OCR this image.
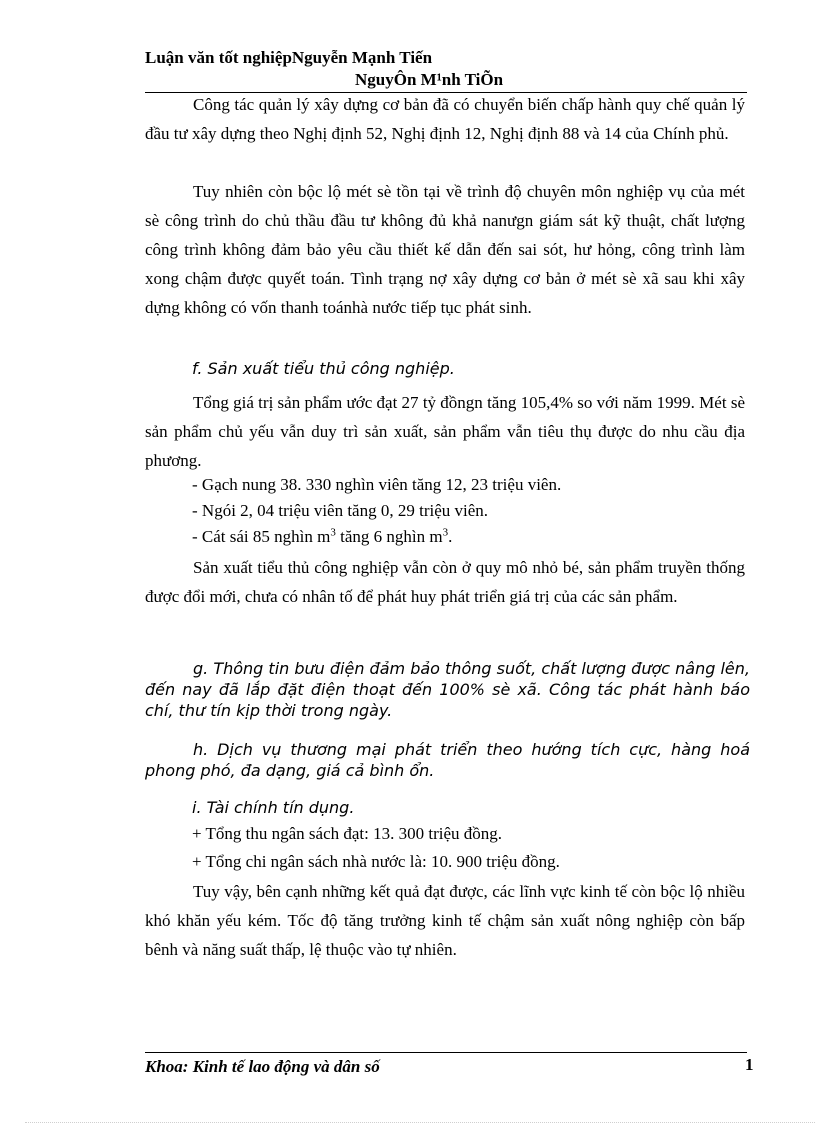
Luận văn tốt nghiệpNguyễn Mạnh Tiến
NguyÔn M¹nh TiÕn

Công tác quản lý xây dựng cơ bản đã có chuyển biến chấp hành quy chế quản lý đầu tư xây dựng theo Nghị định 52, Nghị định 12, Nghị định 88 và 14 của Chính phủ.

Tuy nhiên còn bộc lộ mét sè tồn tại về trình độ chuyên môn nghiệp vụ của mét sè công trình do chủ thầu đầu tư không đủ khả nanưgn giám sát kỹ thuật, chất lượng công trình không đảm bảo yêu cầu thiết kế dẫn đến sai sót, hư hỏng, công trình làm xong chậm được quyết toán. Tình trạng nợ xây dựng cơ bản ở mét sè xã sau khi xây dựng không có vốn thanh toánhà nước tiếp tục phát sinh.

f. Sản xuất tiểu thủ công nghiệp.

Tổng giá trị sản phẩm ước đạt 27 tỷ đồngn tăng 105,4% so với năm 1999. Mét sè sản phẩm chủ yếu vẫn duy trì sản xuất, sản phẩm vẫn tiêu thụ được do nhu cầu địa phương.

- Gạch nung 38. 330 nghìn viên tăng 12, 23 triệu viên.

- Ngói 2, 04 triệu viên tăng 0, 29 triệu viên.

- Cát sái 85 nghìn $m^3$ tăng 6 nghìn $m^3$.

Sản xuất tiểu thủ công nghiệp vẫn còn ở quy mô nhỏ bé, sản phẩm truyền thống được đổi mới, chưa có nhân tố để phát huy phát triển giá trị của các sản phẩm.

g. Thông tin bưu điện đảm bảo thông suốt, chất lượng được nâng lên, đến nay đã lắp đặt điện thoạt đến 100% sè xã. Công tác phát hành báo chí, thư tín kịp thời trong ngày.

h. Dịch vụ thương mại phát triển theo hướng tích cực, hàng hoá phong phó, đa dạng, giá cả bình ổn.

i. Tài chính tín dụng.

+ Tổng thu ngân sách đạt: 13. 300 triệu đồng.

+ Tổng chi ngân sách nhà nước là: 10. 900 triệu đồng.

Tuy vậy, bên cạnh những kết quả đạt được, các lĩnh vực kinh tế còn bộc lộ nhiều khó khăn yếu kém. Tốc độ tăng trưởng kinh tế chậm sản xuất nông nghiệp còn bấp bênh và năng suất thấp, lệ thuộc vào tự nhiên.

Khoa: Kinh tế lao động và dân số	1
